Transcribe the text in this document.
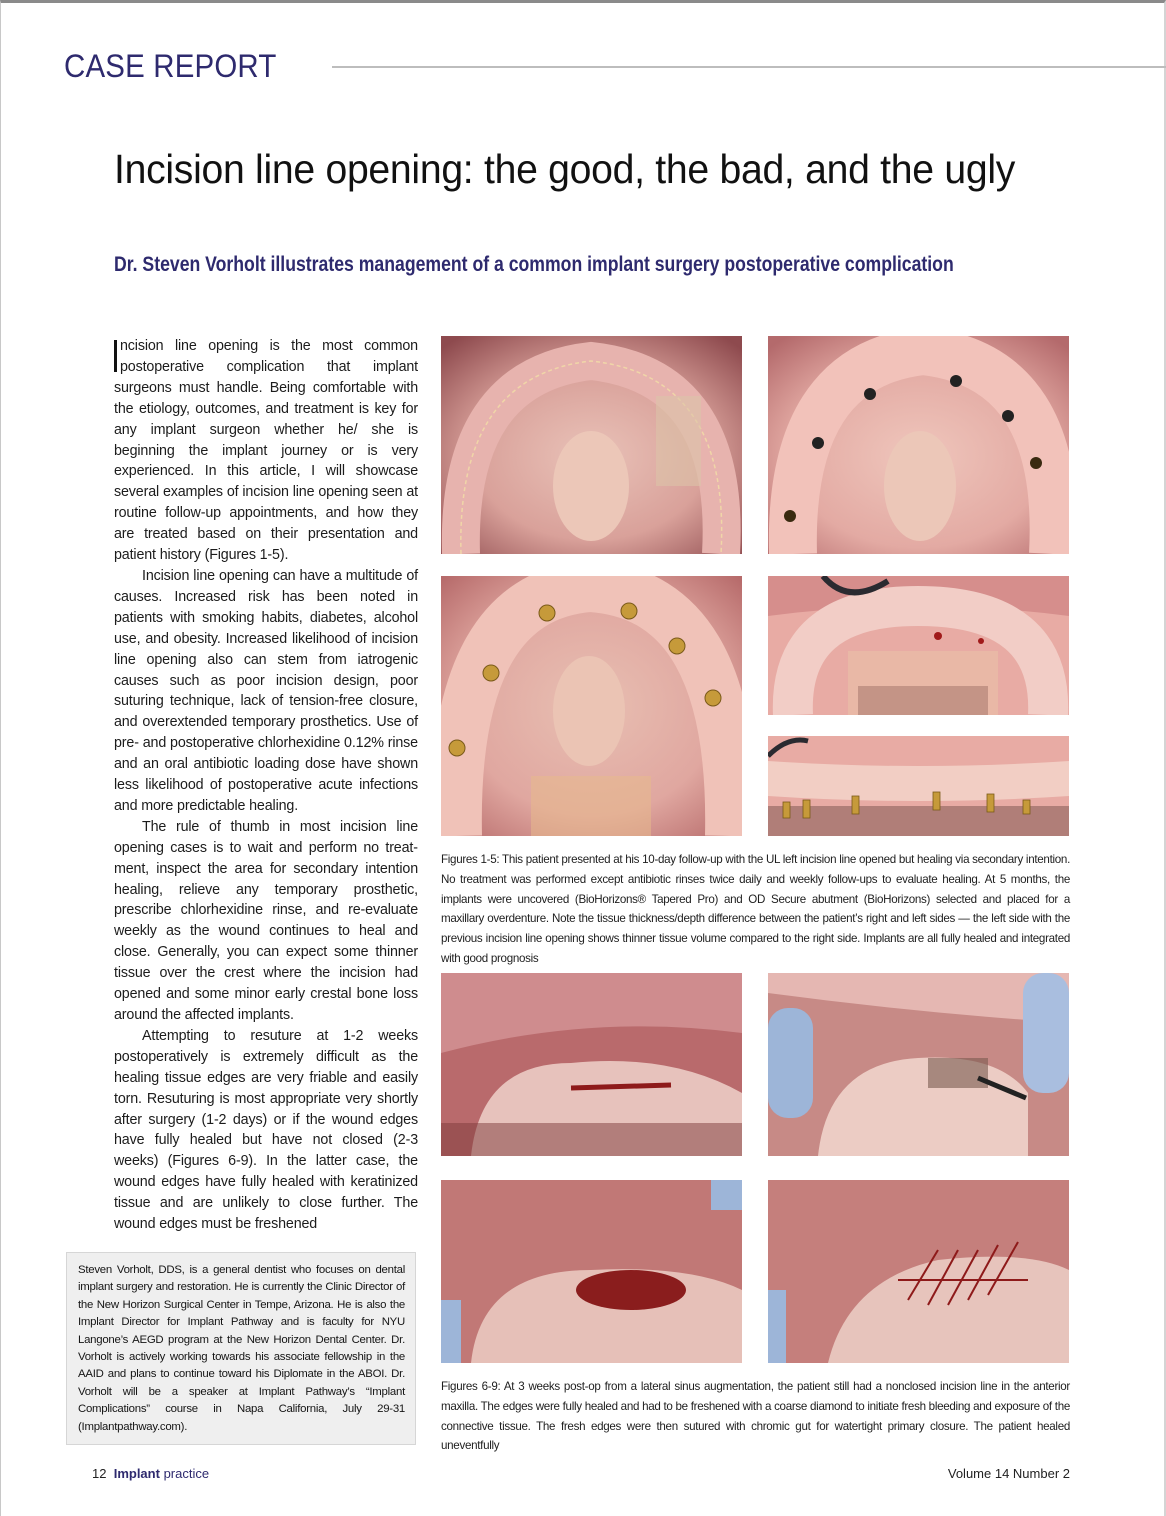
CASE REPORT
Incision line opening: the good, the bad, and the ugly
Dr. Steven Vorholt illustrates management of a common implant surgery postoperative complication

ncision line opening is the most common postoperative complication that implant surgeons must handle. Being comfortable with the etiology, outcomes, and treatment is key for any implant surgeon whether he/ she is beginning the implant journey or is very experienced. In this article, I will showcase several examples of incision line opening seen at routine follow-up appointments, and how they are treated based on their presentation and patient history (Figures 1-5).

Incision line opening can have a multitude of causes. Increased risk has been noted in patients with smoking habits, diabetes, alcohol use, and obesity. Increased likelihood of incision line opening also can stem from iatrogenic causes such as poor incision design, poor suturing technique, lack of tension-free closure, and overextended temporary prosthetics. Use of pre- and postoperative chlorhexidine 0.12% rinse and an oral antibiotic loading dose have shown less likelihood of postoperative acute infections and more predictable healing.

The rule of thumb in most incision line opening cases is to wait and perform no treatment, inspect the area for secondary intention healing, relieve any temporary prosthetic, prescribe chlorhexidine rinse, and re-evaluate weekly as the wound continues to heal and close. Generally, you can expect some thinner tissue over the crest where the incision had opened and some minor early crestal bone loss around the affected implants.

Attempting to resuture at 1-2 weeks postoperatively is extremely difficult as the healing tissue edges are very friable and easily torn. Resuturing is most appropriate very shortly after surgery (1-2 days) or if the wound edges have fully healed but have not closed (2-3 weeks) (Figures 6-9). In the latter case, the wound edges have fully healed with keratinized tissue and are unlikely to close further. The wound edges must be freshened

Steven Vorholt, DDS, is a general dentist who focuses on dental implant surgery and restoration. He is currently the Clinic Director of the New Horizon Surgical Center in Tempe, Arizona. He is also the Implant Director for Implant Pathway and is faculty for NYU Langone’s AEGD program at the New Horizon Dental Center. Dr. Vorholt is actively working towards his associate fellowship in the AAID and plans to continue toward his Diplomate in the ABOI. Dr. Vorholt will be a speaker at Implant Pathway’s “Implant Complications” course in Napa California, July 29-31 (Implantpathway.com).

Figures 1-5: This patient presented at his 10-day follow-up with the UL left incision line opened but healing via secondary intention. No treatment was performed except antibiotic rinses twice daily and weekly follow-ups to evaluate healing. At 5 months, the implants were uncovered (BioHorizons® Tapered Pro) and OD Secure abutment (BioHorizons) selected and placed for a maxillary overdenture. Note the tissue thickness/depth difference between the patient’s right and left sides — the left side with the previous incision line opening shows thinner tissue volume compared to the right side. Implants are all fully healed and integrated with good prognosis

Figures 6-9: At 3 weeks post-op from a lateral sinus augmentation, the patient still had a nonclosed incision line in the anterior maxilla. The edges were fully healed and had to be freshened with a coarse diamond to initiate fresh bleeding and exposure of the connective tissue. The fresh edges were then sutured with chromic gut for watertight primary closure. The patient healed uneventfully

12 Implant practice	Volume 14 Number 2
